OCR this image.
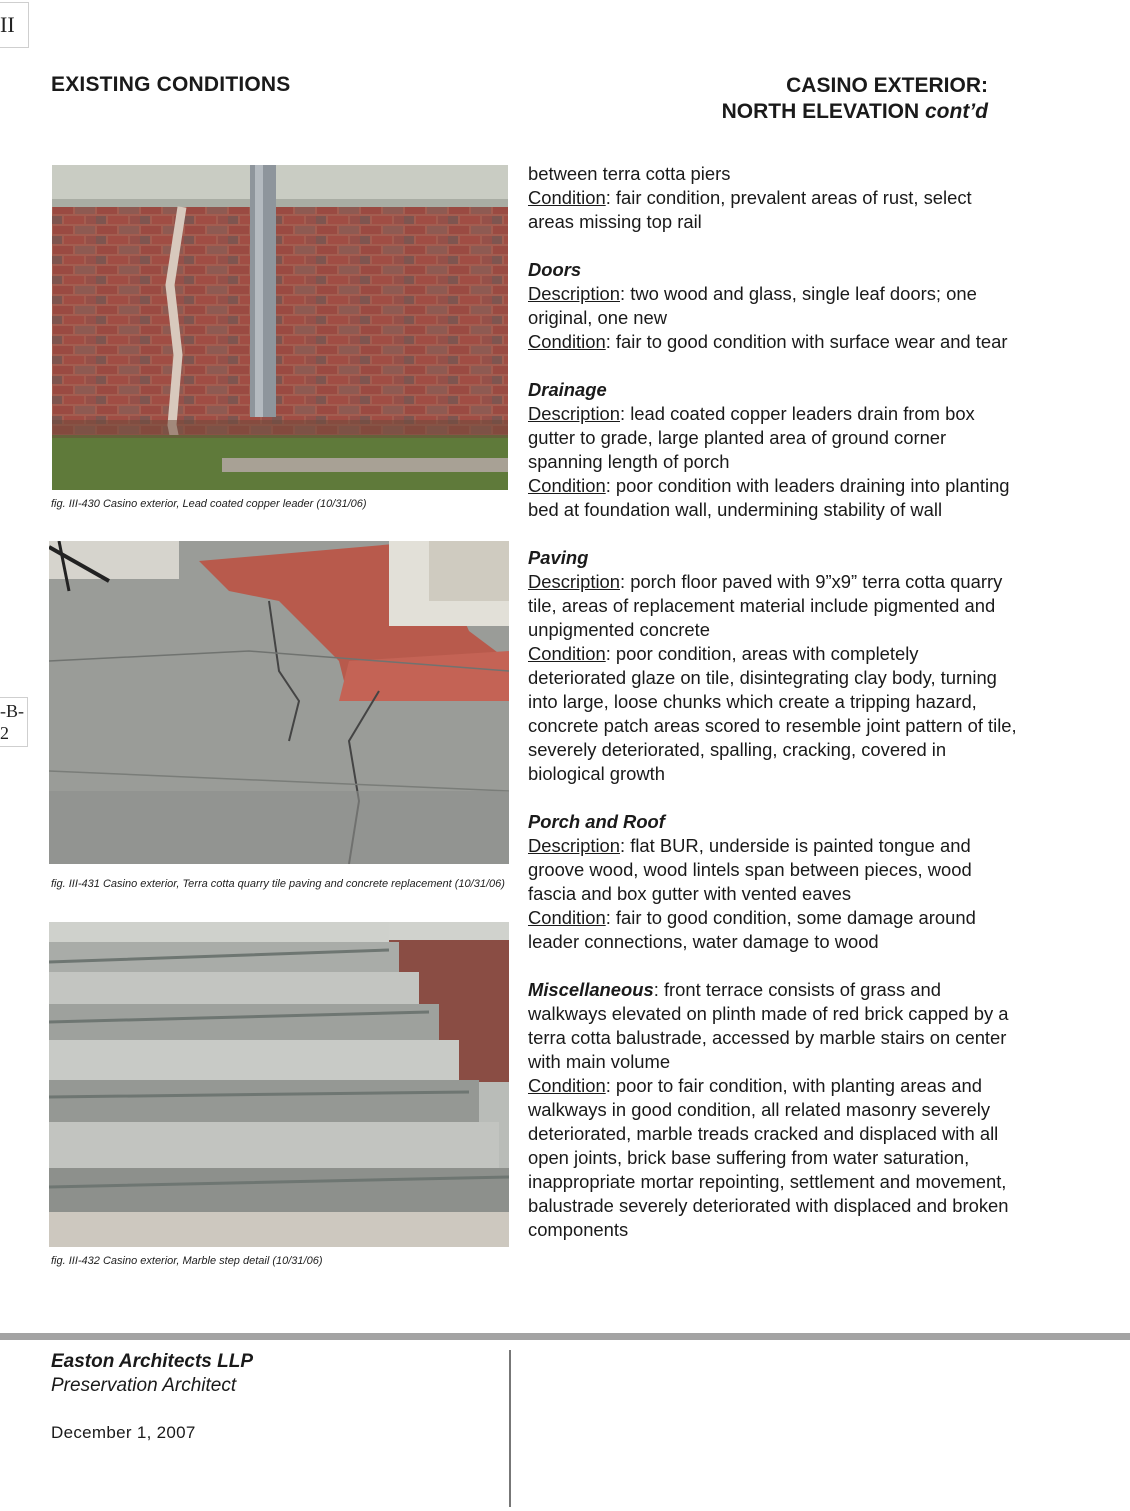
II
-B-
2
EXISTING CONDITIONS	CASINO EXTERIOR:
NORTH ELEVATION cont’d
fig. III-430 Casino exterior, Lead coated copper leader (10/31/06)
fig. III-431 Casino exterior, Terra cotta quarry tile paving and concrete replacement (10/31/06)
fig. III-432 Casino exterior, Marble step detail (10/31/06)

between terra cotta piers
Condition: fair condition, prevalent areas of rust, select areas missing top rail

Doors
Description: two wood and glass, single leaf doors; one original, one new
Condition: fair to good condition with surface wear and tear

Drainage
Description: lead coated copper leaders drain from box gutter to grade, large planted area of ground corner spanning length of porch
Condition: poor condition with leaders draining into planting bed at foundation wall, undermining stability of wall

Paving
Description: porch floor paved with 9”x9” terra cotta quarry tile, areas of replacement material include pigmented and unpigmented concrete
Condition: poor condition, areas with completely deteriorated glaze on tile, disintegrating clay body, turning into large, loose chunks which create a tripping hazard, concrete patch areas scored to resemble joint pattern of tile, severely deteriorated, spalling, cracking, covered in biological growth

Porch and Roof
Description: flat BUR, underside is painted tongue and groove wood, wood lintels span between pieces, wood fascia and box gutter with vented eaves
Condition: fair to good condition, some damage around leader connections, water damage to wood

Miscellaneous: front terrace consists of grass and walkways elevated on plinth made of red brick capped by a terra cotta balustrade, accessed by marble stairs on center with main volume
Condition: poor to fair condition, with planting areas and walkways in good condition, all related masonry severely deteriorated, marble treads cracked and displaced with all open joints, brick base suffering from water saturation, inappropriate mortar repointing, settlement and movement, balustrade severely deteriorated with displaced and broken components

Easton Architects LLP
Preservation Architect
December 1, 2007
